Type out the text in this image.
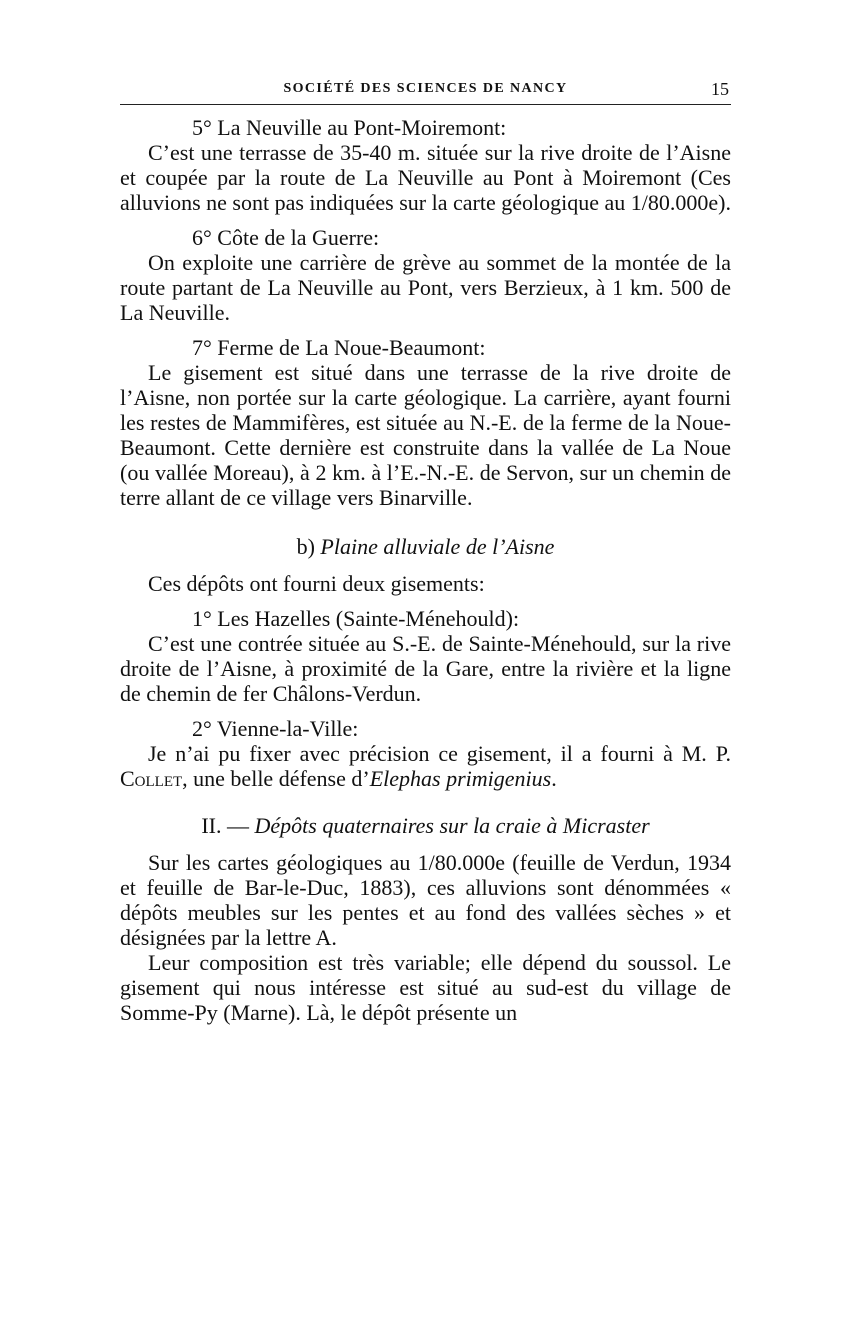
SOCIÉTÉ DES SCIENCES DE NANCY	15

5° La Neuville au Pont-Moiremont:

C’est une terrasse de 35-40 m. située sur la rive droite de l’Aisne et coupée par la route de La Neuville au Pont à Moiremont (Ces alluvions ne sont pas indiquées sur la carte géologique au 1/80.000e).

6° Côte de la Guerre:

On exploite une carrière de grève au sommet de la montée de la route partant de La Neuville au Pont, vers Berzieux, à 1 km. 500 de La Neuville.

7° Ferme de La Noue-Beaumont:

Le gisement est situé dans une terrasse de la rive droite de l’Aisne, non portée sur la carte géologique. La carrière, ayant fourni les restes de Mammifères, est située au N.-E. de la ferme de la Noue-Beaumont. Cette dernière est construite dans la vallée de La Noue (ou vallée Moreau), à 2 km. à l’E.-N.-E. de Servon, sur un chemin de terre allant de ce village vers Binarville.

b) Plaine alluviale de l’Aisne

Ces dépôts ont fourni deux gisements:

1° Les Hazelles (Sainte-Ménehould):

C’est une contrée située au S.-E. de Sainte-Ménehould, sur la rive droite de l’Aisne, à proximité de la Gare, entre la rivière et la ligne de chemin de fer Châlons-Verdun.

2° Vienne-la-Ville:

Je n’ai pu fixer avec précision ce gisement, il a fourni à M. P. Collet, une belle défense d’Elephas primigenius.

II. — Dépôts quaternaires sur la craie à Micraster

Sur les cartes géologiques au 1/80.000e (feuille de Verdun, 1934 et feuille de Bar-le-Duc, 1883), ces alluvions sont dénommées « dépôts meubles sur les pentes et au fond des vallées sèches » et désignées par la lettre A.

Leur composition est très variable; elle dépend du soussol. Le gisement qui nous intéresse est situé au sud-est du village de Somme-Py (Marne). Là, le dépôt présente un
